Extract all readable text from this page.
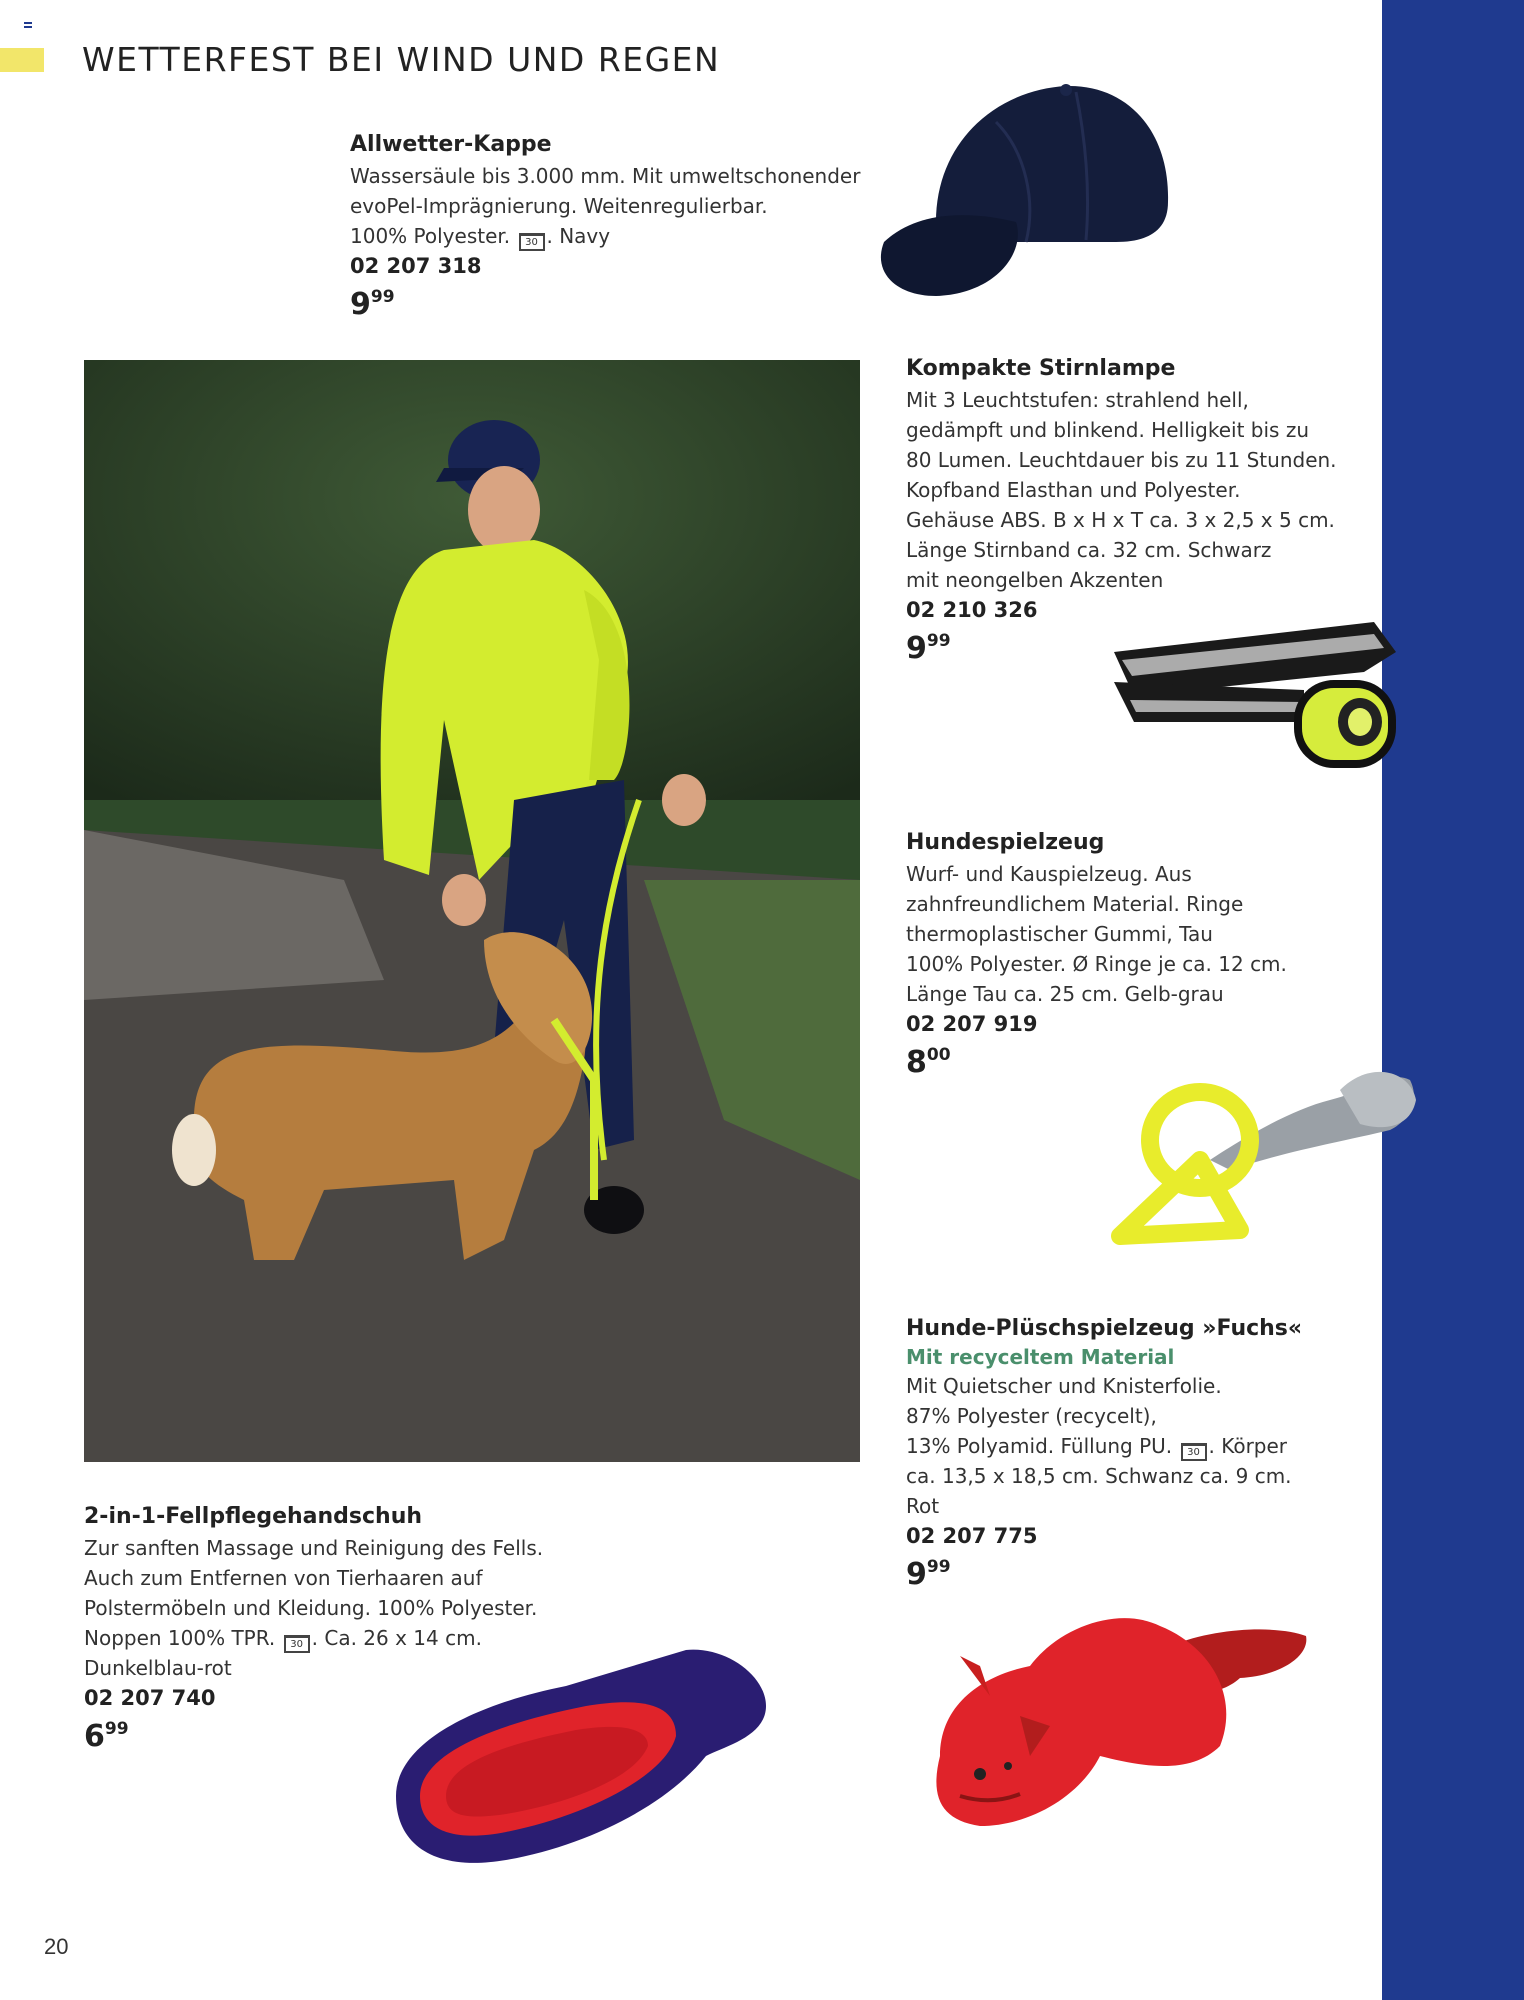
WETTERFEST BEI WIND UND REGEN
Allwetter-Kappe
Wassersäule bis 3.000 mm. Mit umweltschonender
evoPel-Imprägnierung. Weitenregulierbar.
100% Polyester. 30 . Navy
02 207 318
999
Kompakte Stirnlampe
Mit 3 Leuchtstufen: strahlend hell,
gedämpft und blinkend. Helligkeit bis zu
80 Lumen. Leuchtdauer bis zu 11 Stunden.
Kopfband Elasthan und Polyester.
Gehäuse ABS. B x H x T ca. 3 x 2,5 x 5 cm.
Länge Stirnband ca. 32 cm. Schwarz
mit neongelben Akzenten
02 210 326
999
Hundespielzeug
Wurf- und Kauspielzeug. Aus
zahnfreundlichem Material. Ringe
thermoplastischer Gummi, Tau
100% Polyester. Ø Ringe je ca. 12 cm.
Länge Tau ca. 25 cm. Gelb-grau
02 207 919
800
Hunde-Plüschspielzeug »Fuchs«
Mit recyceltem Material
Mit Quietscher und Knisterfolie.
87% Polyester (recycelt),
13% Polyamid. Füllung PU. 30 . Körper
ca. 13,5 x 18,5 cm. Schwanz ca. 9 cm.
Rot
02 207 775
999
2-in-1-Fellpflegehandschuh
Zur sanften Massage und Reinigung des Fells.
Auch zum Entfernen von Tierhaaren auf
Polstermöbeln und Kleidung. 100% Polyester.
Noppen 100% TPR. 30 . Ca. 26 x 14 cm.
Dunkelblau-rot
02 207 740
699
20
